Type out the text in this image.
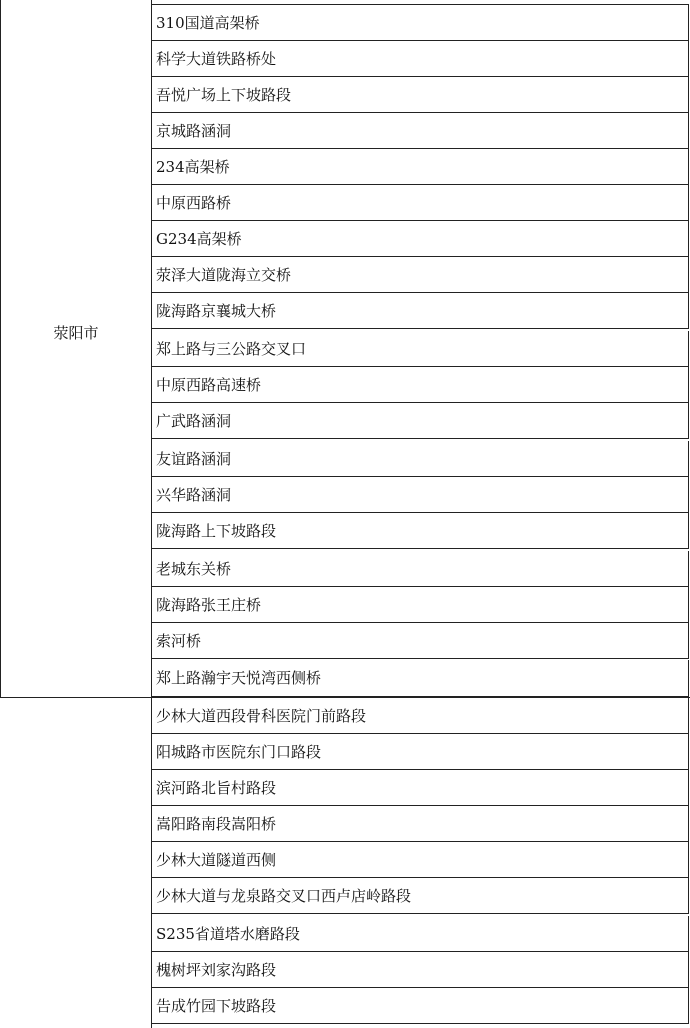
荥阳市
310国道高架桥
科学大道铁路桥处
吾悦广场上下坡路段
京城路涵洞
234高架桥
中原西路桥
G234高架桥
荥泽大道陇海立交桥
陇海路京襄城大桥
郑上路与三公路交叉口
中原西路高速桥
广武路涵洞
友谊路涵洞
兴华路涵洞
陇海路上下坡路段
老城东关桥
陇海路张王庄桥
索河桥
郑上路瀚宇天悦湾西侧桥
少林大道西段骨科医院门前路段
阳城路市医院东门口路段
滨河路北旨村路段
嵩阳路南段嵩阳桥
少林大道隧道西侧
少林大道与龙泉路交叉口西卢店岭路段
S235省道塔水磨路段
槐树坪刘家沟路段
告成竹园下坡路段
